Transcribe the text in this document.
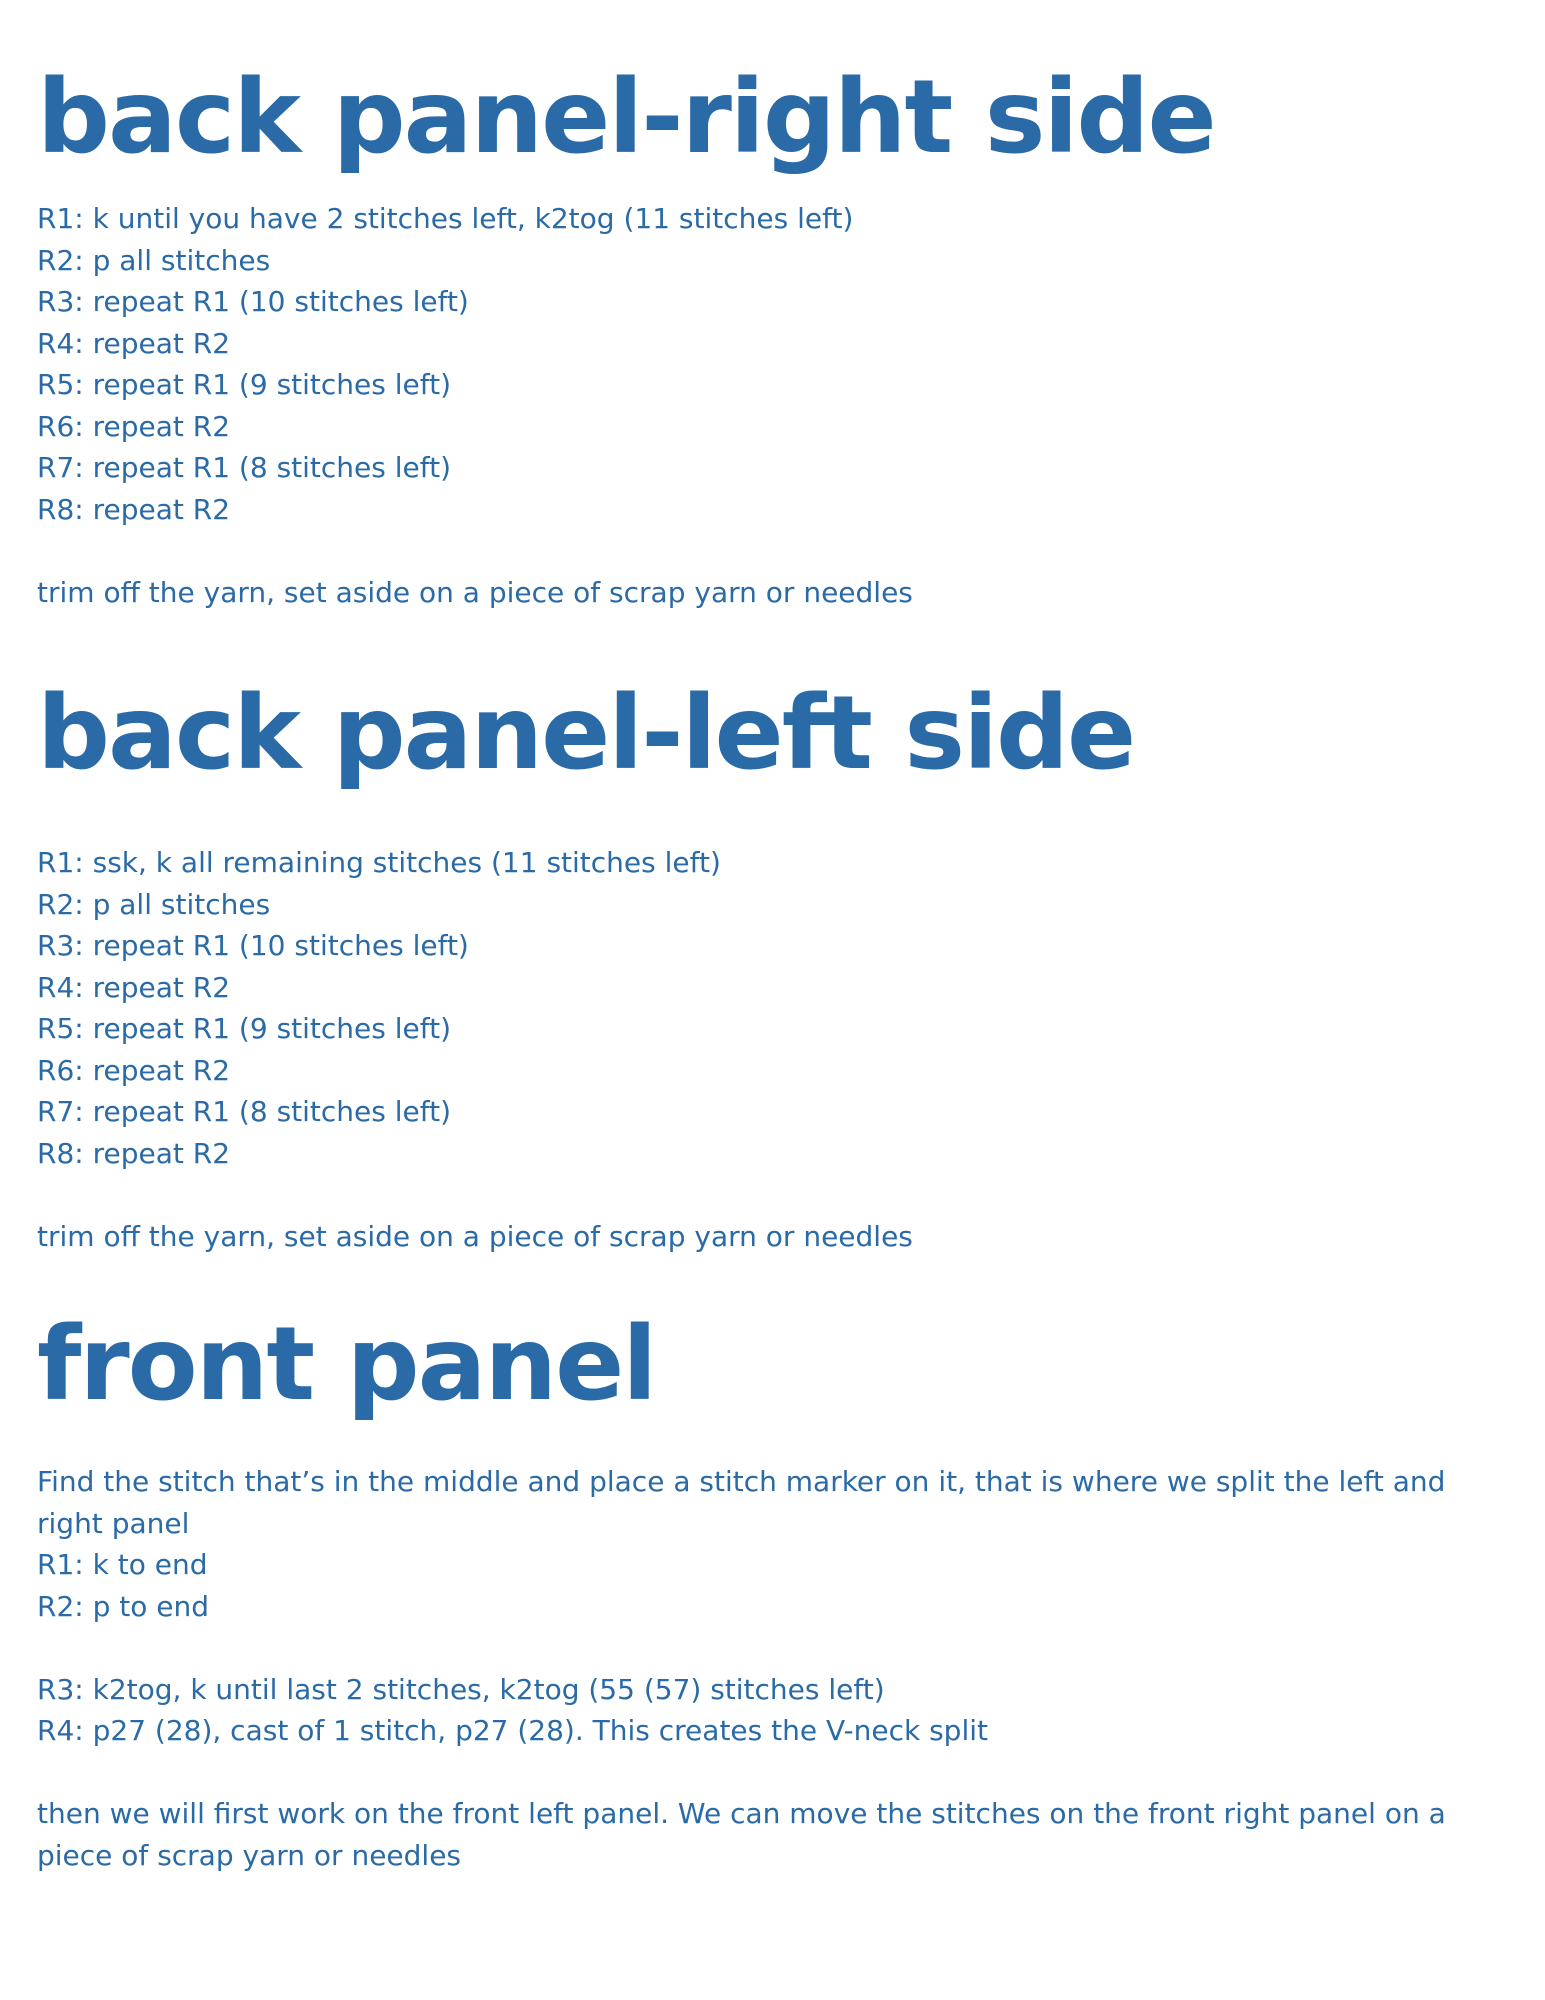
back panel-right side
R1: k until you have 2 stitches left, k2tog (11 stitches left)
R2: p all stitches
R3: repeat R1 (10 stitches left)
R4: repeat R2
R5: repeat R1 (9 stitches left)
R6: repeat R2
R7: repeat R1 (8 stitches left)
R8: repeat R2
trim off the yarn, set aside on a piece of scrap yarn or needles
back panel-left side
R1: ssk, k all remaining stitches (11 stitches left)
R2: p all stitches
R3: repeat R1 (10 stitches left)
R4: repeat R2
R5: repeat R1 (9 stitches left)
R6: repeat R2
R7: repeat R1 (8 stitches left)
R8: repeat R2
trim off the yarn, set aside on a piece of scrap yarn or needles
front panel
Find the stitch that’s in the middle and place a stitch marker on it, that is where we split the left and
right panel
R1: k to end
R2: p to end
R3: k2tog, k until last 2 stitches, k2tog (55 (57) stitches left)
R4: p27 (28), cast of 1 stitch, p27 (28). This creates the V-neck split
then we will first work on the front left panel. We can move the stitches on the front right panel on a
piece of scrap yarn or needles
